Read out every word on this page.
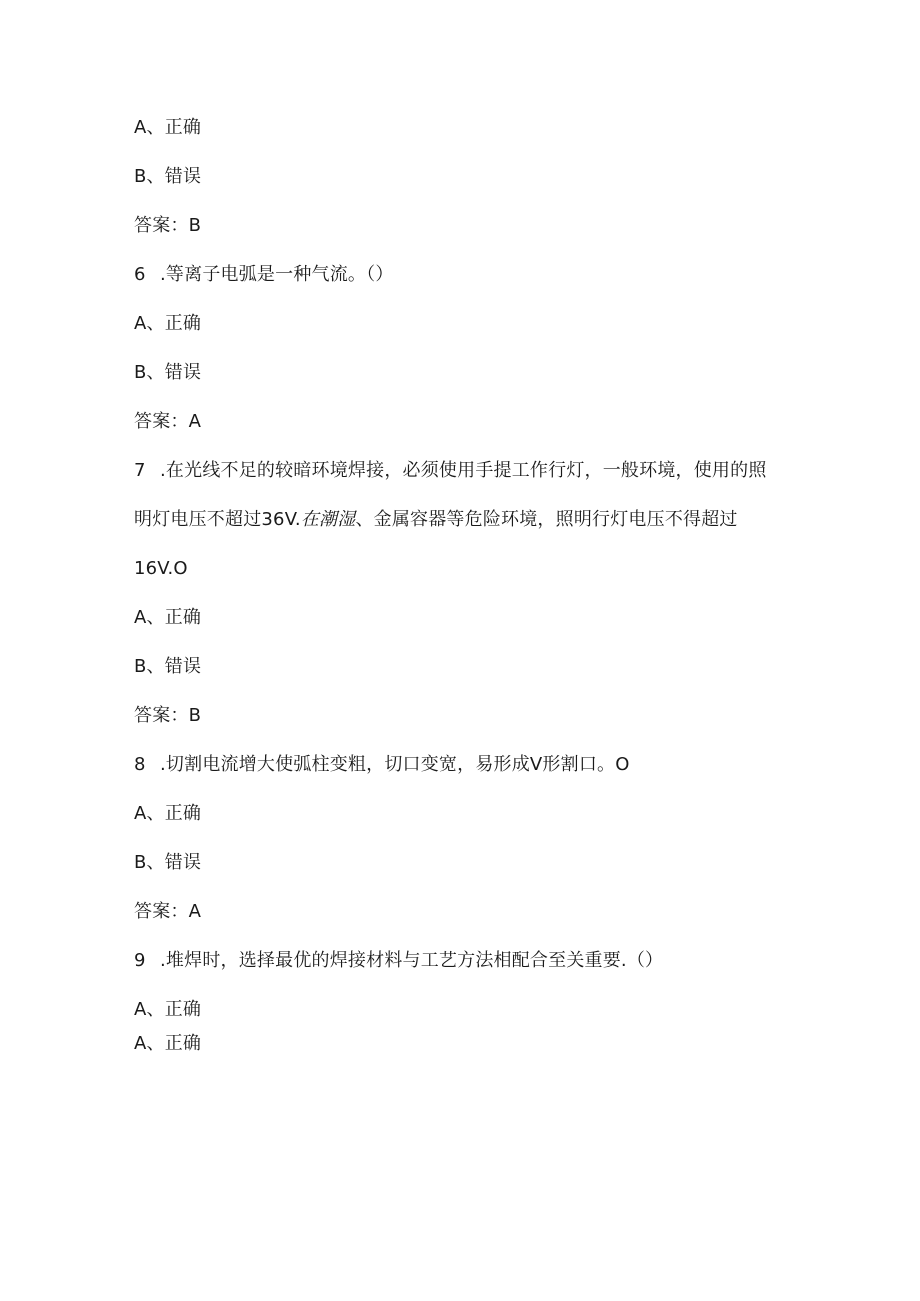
A、正确
B、错误
答案：B
6 .等离子电弧是一种气流。（）
A、正确
B、错误
答案：A
7 .在光线不足的较暗环境焊接，必须使用手提工作行灯，一般环境，使用的照
明灯电压不超过36V.在潮湿、金属容器等危险环境，照明行灯电压不得超过
16V.O
A、正确
B、错误
答案：B
8 .切割电流增大使弧柱变粗，切口变宽，易形成V形割口。O
A、正确
B、错误
答案：A
9 .堆焊时，选择最优的焊接材料与工艺方法相配合至关重要.（）
A、正确
A、正确
